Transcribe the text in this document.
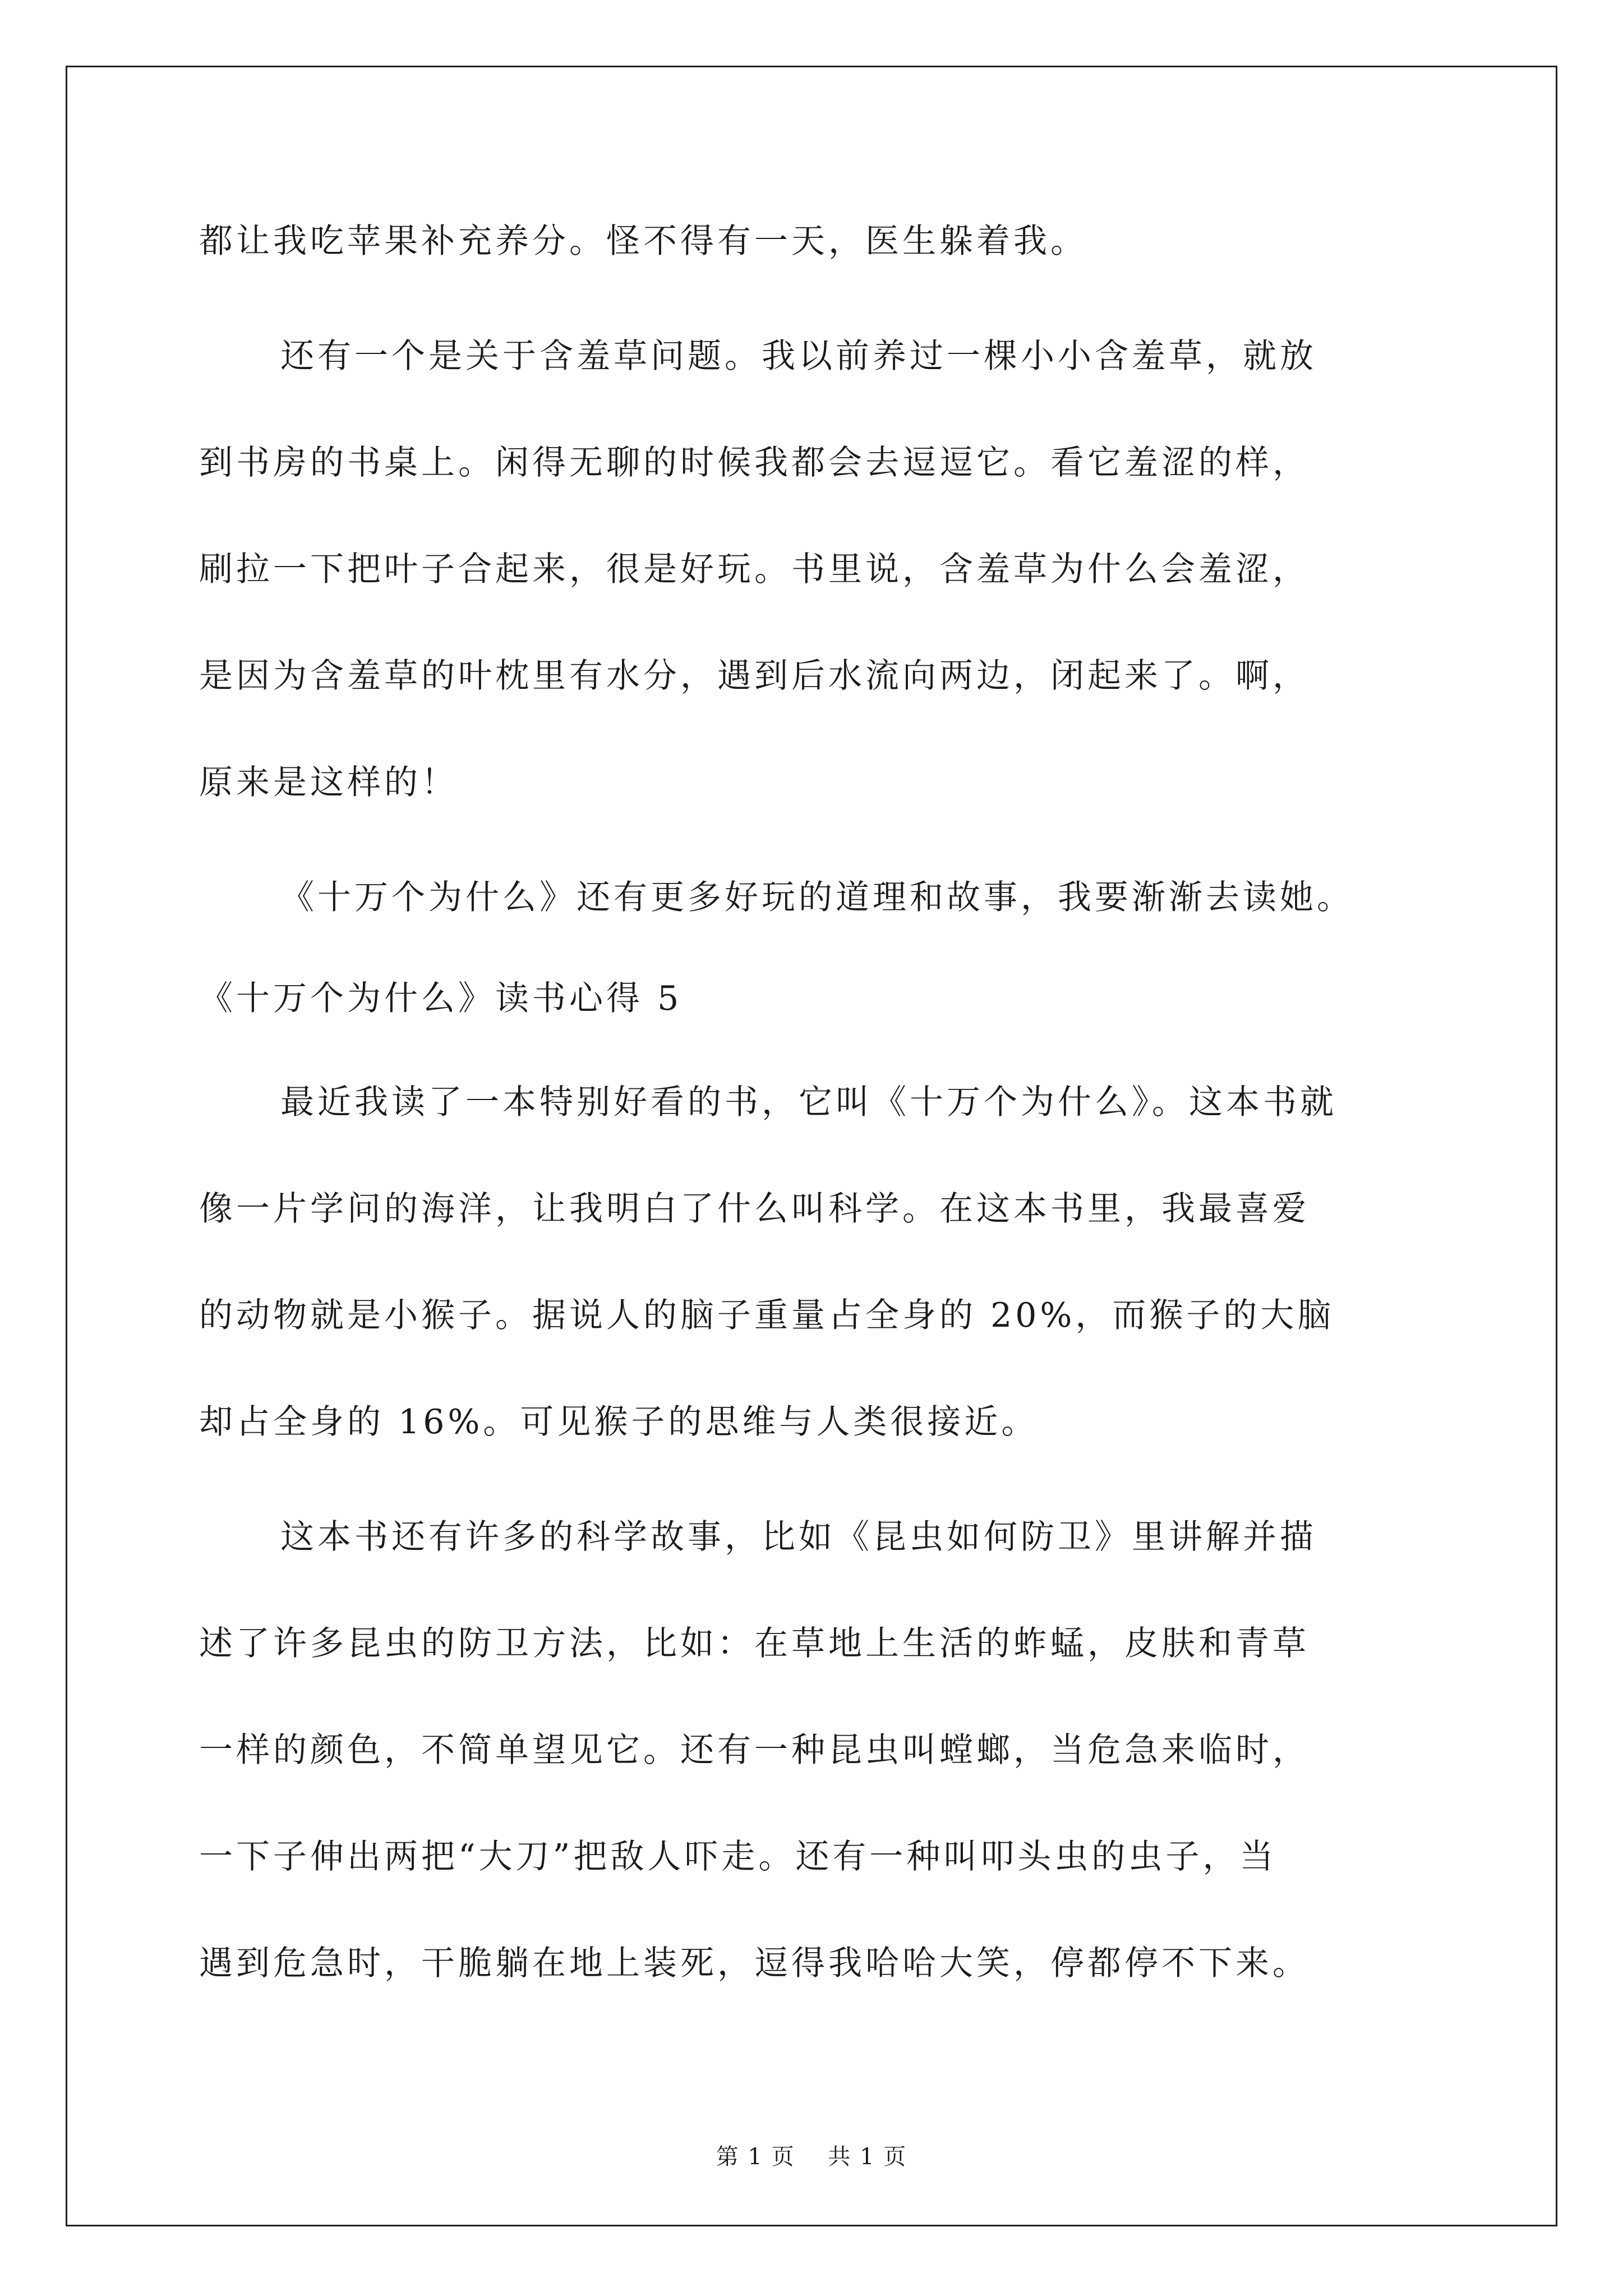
都让我吃苹果补充养分。怪不得有一天，医生躲着我。
还有一个是关于含羞草问题。我以前养过一棵小小含羞草，就放
到书房的书桌上。闲得无聊的时候我都会去逗逗它。看它羞涩的样，
刷拉一下把叶子合起来，很是好玩。书里说，含羞草为什么会羞涩，
是因为含羞草的叶枕里有水分，遇到后水流向两边，闭起来了。啊，
原来是这样的！
《十万个为什么》还有更多好玩的道理和故事，我要渐渐去读她。
《十万个为什么》读书心得 5
最近我读了一本特别好看的书，它叫《十万个为什么》。这本书就
像一片学问的海洋，让我明白了什么叫科学。在这本书里，我最喜爱
的动物就是小猴子。据说人的脑子重量占全身的 20%，而猴子的大脑
却占全身的 16%。可见猴子的思维与人类很接近。
这本书还有许多的科学故事，比如《昆虫如何防卫》里讲解并描
述了许多昆虫的防卫方法，比如：在草地上生活的蚱蜢，皮肤和青草
一样的颜色，不简单望见它。还有一种昆虫叫螳螂，当危急来临时，
一下子伸出两把“大刀”把敌人吓走。还有一种叫叩头虫的虫子，当
遇到危急时，干脆躺在地上装死，逗得我哈哈大笑，停都停不下来。
第 1 页 共 1 页
